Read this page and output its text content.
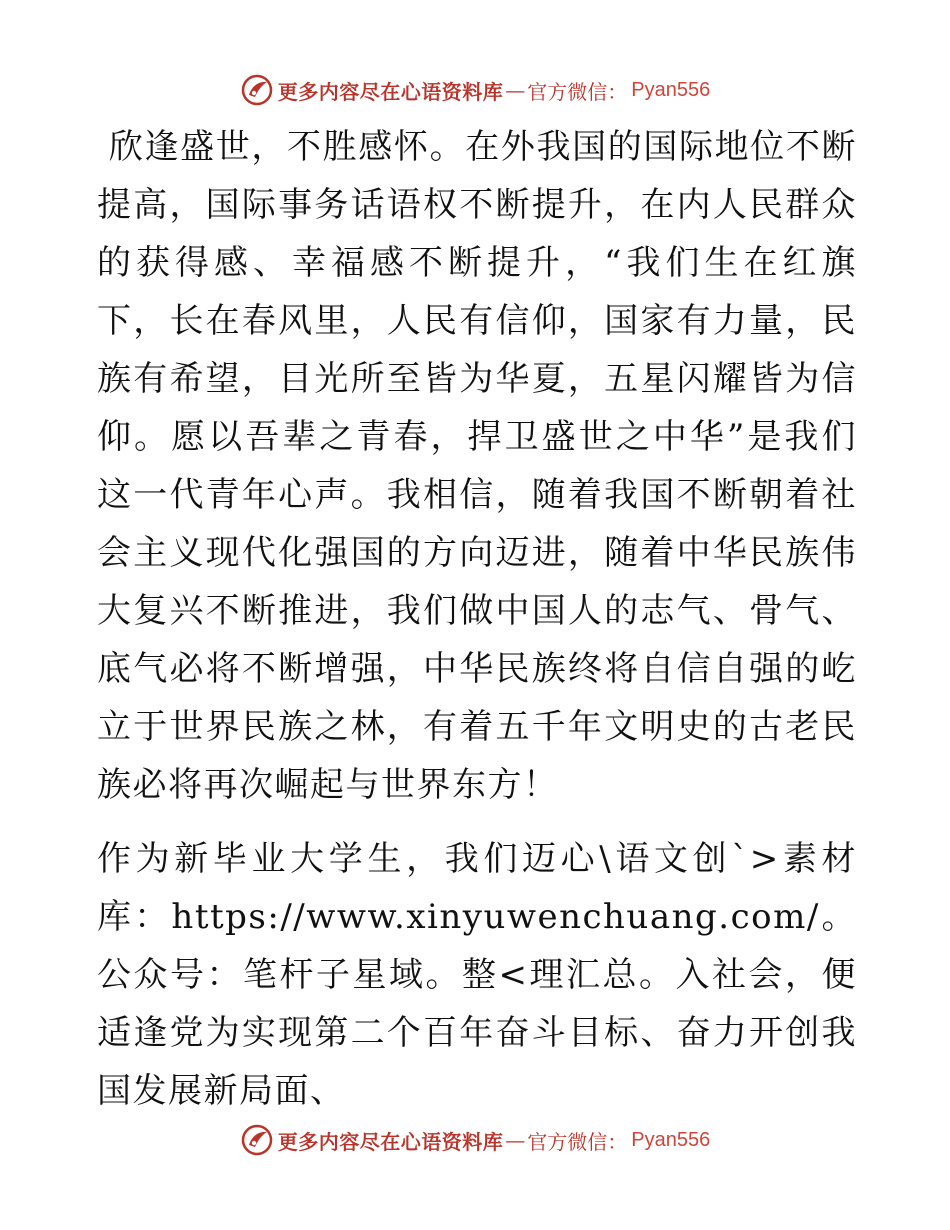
更多内容尽在心语资料库 — 官方微信： Pyan556

欣逢盛世，不胜感怀。在外我国的国际地位不断提高，国际事务话语权不断提升，在内人民群众的获得感、幸福感不断提升，“我们生在红旗下，长在春风里，人民有信仰，国家有力量，民族有希望，目光所至皆为华夏，五星闪耀皆为信仰。愿以吾辈之青春，捍卫盛世之中华”是我们这一代青年心声。我相信，随着我国不断朝着社会主义现代化强国的方向迈进，随着中华民族伟大复兴不断推进，我们做中国人的志气、骨气、底气必将不断增强，中华民族终将自信自强的屹立于世界民族之林，有着五千年文明史的古老民族必将再次崛起与世界东方！

作为新毕业大学生，我们迈心\语文创`>素材库：https://www.xinyuwenchuang.com/。公众号：笔杆子星域。整<理汇总。入社会，便适逢党为实现第二个百年奋斗目标、奋力开创我国发展新局面、

更多内容尽在心语资料库 — 官方微信： Pyan556
